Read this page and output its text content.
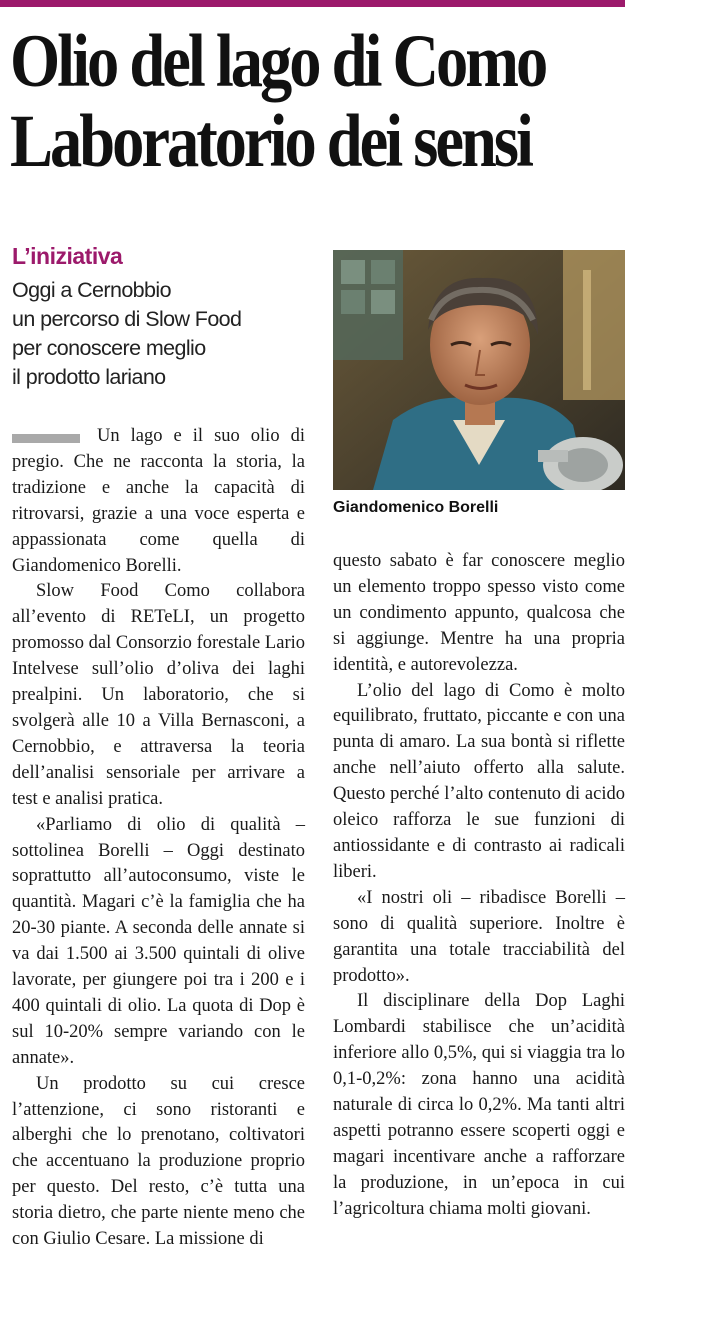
Olio del lago di Como
Laboratorio dei sensi
L’iniziativa
Oggi a Cernobbio
un percorso di Slow Food
per conoscere meglio
il prodotto lariano
Giandomenico Borelli

Un lago e il suo olio di pregio. Che ne racconta la storia, la tradizione e anche la capacità di ritrovarsi, grazie a una voce esperta e appassionata come quella di Giandomenico Borelli.

Slow Food Como collabora all’evento di RETeLI, un progetto promosso dal Consorzio forestale Lario Intelvese sull’olio d’oliva dei laghi prealpini. Un laboratorio, che si svolgerà alle 10 a Villa Bernasconi, a Cernobbio, e attraversa la teoria dell’analisi sensoriale per arrivare a test e analisi pratica.

«Parliamo di olio di qualità – sottolinea Borelli – Oggi destinato soprattutto all’autoconsumo, viste le quantità. Magari c’è la famiglia che ha 20-30 piante. A seconda delle annate si va dai 1.500 ai 3.500 quintali di olive lavorate, per giungere poi tra i 200 e i 400 quintali di olio. La quota di Dop è sul 10-20% sempre variando con le annate».

Un prodotto su cui cresce l’attenzione, ci sono ristoranti e alberghi che lo prenotano, coltivatori che accentuano la produzione proprio per questo. Del resto, c’è tutta una storia dietro, che parte niente meno che con Giulio Cesare. La missione di

questo sabato è far conoscere meglio un elemento troppo spesso visto come un condimento appunto, qualcosa che si aggiunge. Mentre ha una propria identità, e autorevolezza.

L’olio del lago di Como è molto equilibrato, fruttato, piccante e con una punta di amaro. La sua bontà si riflette anche nell’aiuto offerto alla salute. Questo perché l’alto contenuto di acido oleico rafforza le sue funzioni di antiossidante e di contrasto ai radicali liberi.

«I nostri oli – ribadisce Borelli – sono di qualità superiore. Inoltre è garantita una totale tracciabilità del prodotto».

Il disciplinare della Dop Laghi Lombardi stabilisce che un’acidità inferiore allo 0,5%, qui si viaggia tra lo 0,1-0,2%: zona hanno una acidità naturale di circa lo 0,2%. Ma tanti altri aspetti potranno essere scoperti oggi e magari incentivare anche a rafforzare la produzione, in un’epoca in cui l’agricoltura chiama molti giovani.
